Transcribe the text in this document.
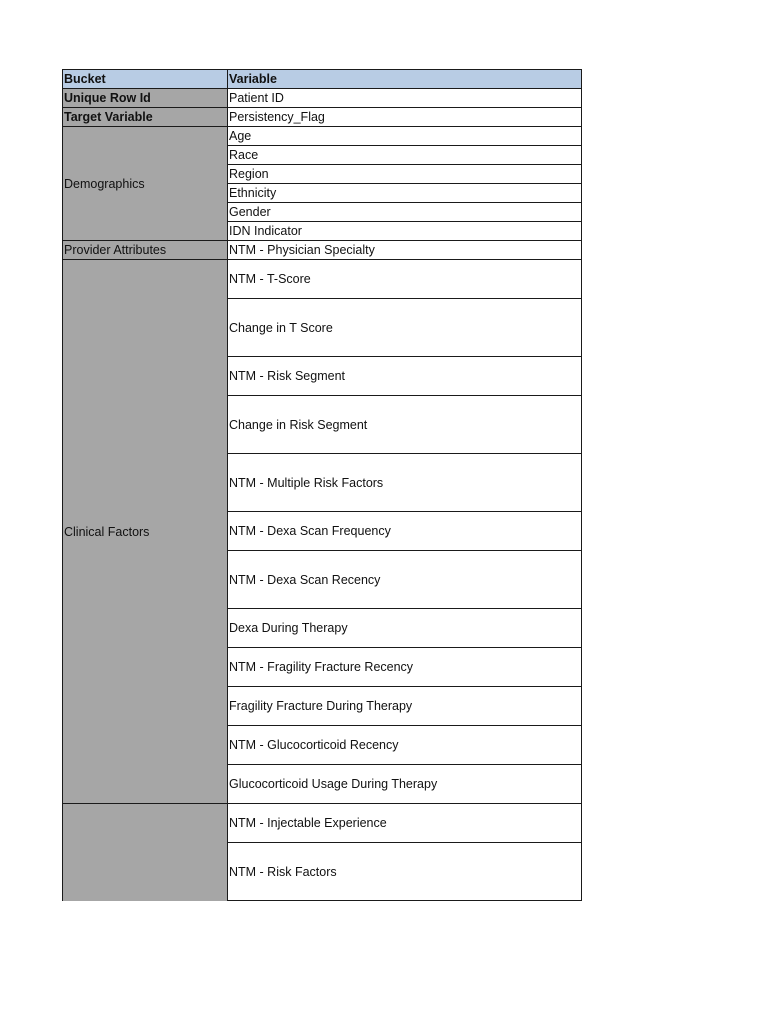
Bucket	Variable
Unique Row Id	Patient ID
Target Variable	Persistency_Flag
Demographics	Age
	Race
	Region
	Ethnicity
	Gender
	IDN Indicator
Provider Attributes	NTM - Physician Specialty
Clinical Factors	NTM - T-Score
	Change in T Score
	NTM - Risk Segment
	Change in Risk Segment
	NTM - Multiple Risk Factors
	NTM - Dexa Scan Frequency
	NTM - Dexa Scan Recency
	Dexa During Therapy
	NTM - Fragility Fracture Recency
	Fragility Fracture During Therapy
	NTM - Glucocorticoid Recency
	Glucocorticoid Usage During Therapy
	NTM - Injectable Experience
	NTM - Risk Factors
